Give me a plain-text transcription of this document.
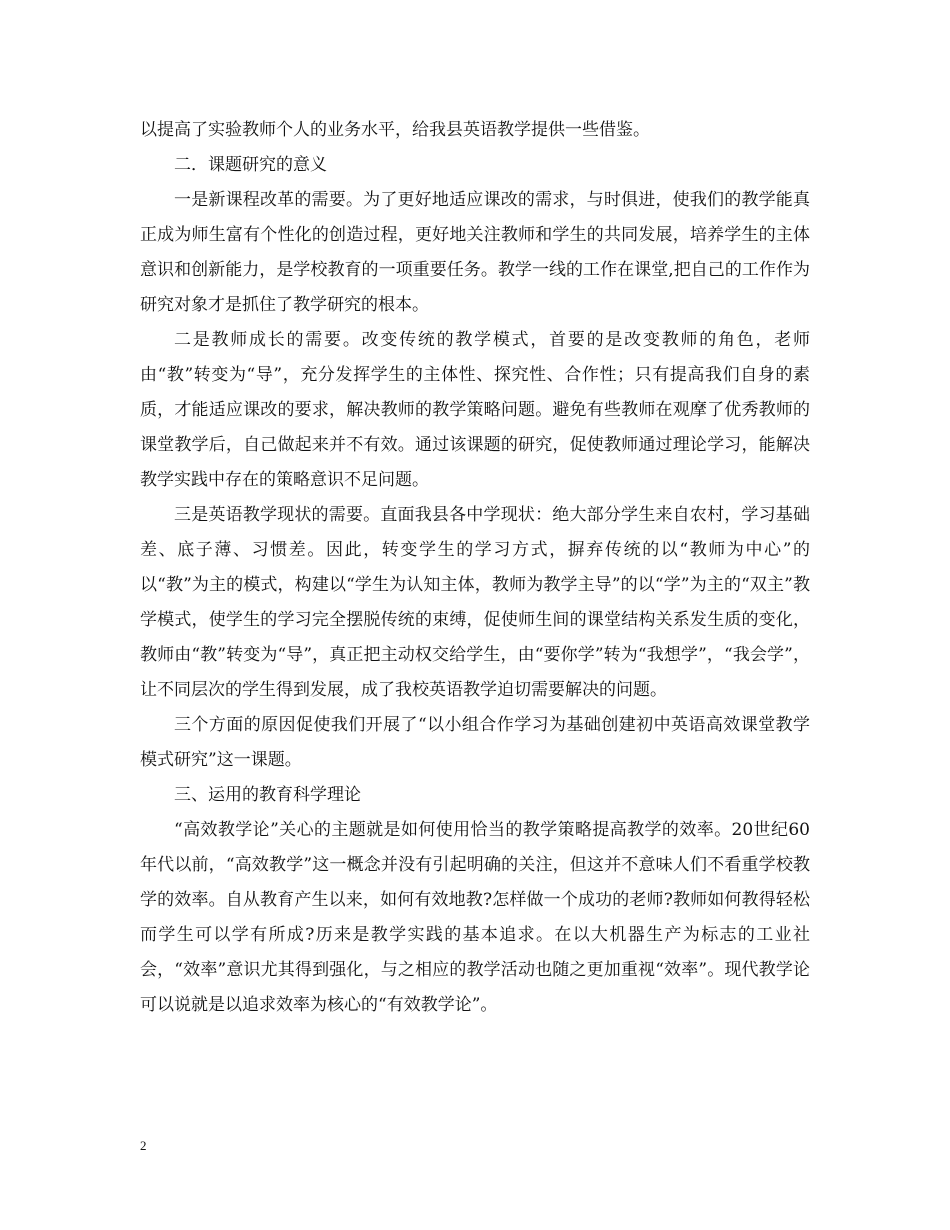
以提高了实验教师个人的业务水平，给我县英语教学提供一些借鉴。

二．课题研究的意义

一是新课程改革的需要。为了更好地适应课改的需求，与时俱进，使我们的教学能真正成为师生富有个性化的创造过程，更好地关注教师和学生的共同发展，培养学生的主体意识和创新能力，是学校教育的一项重要任务。教学一线的工作在课堂,把自己的工作作为研究对象才是抓住了教学研究的根本。

二是教师成长的需要。改变传统的教学模式，首要的是改变教师的角色，老师由“教”转变为“导”，充分发挥学生的主体性、探究性、合作性；只有提高我们自身的素质，才能适应课改的要求，解决教师的教学策略问题。避免有些教师在观摩了优秀教师的课堂教学后，自己做起来并不有效。通过该课题的研究，促使教师通过理论学习，能解决教学实践中存在的策略意识不足问题。

三是英语教学现状的需要。直面我县各中学现状：绝大部分学生来自农村，学习基础差、底子薄、习惯差。因此，转变学生的学习方式，摒弃传统的以“教师为中心”的以“教”为主的模式，构建以“学生为认知主体，教师为教学主导”的以“学”为主的“双主”教学模式，使学生的学习完全摆脱传统的束缚，促使师生间的课堂结构关系发生质的变化，教师由“教”转变为“导”，真正把主动权交给学生，由“要你学”转为“我想学”，“我会学”，让不同层次的学生得到发展，成了我校英语教学迫切需要解决的问题。

三个方面的原因促使我们开展了“以小组合作学习为基础创建初中英语高效课堂教学模式研究”这一课题。

三、运用的教育科学理论

“高效教学论”关心的主题就是如何使用恰当的教学策略提高教学的效率。20世纪60年代以前，“高效教学”这一概念并没有引起明确的关注，但这并不意味人们不看重学校教学的效率。自从教育产生以来，如何有效地教?怎样做一个成功的老师?教师如何教得轻松而学生可以学有所成?历来是教学实践的基本追求。在以大机器生产为标志的工业社会，“效率”意识尤其得到强化，与之相应的教学活动也随之更加重视“效率”。现代教学论可以说就是以追求效率为核心的“有效教学论”。

2
